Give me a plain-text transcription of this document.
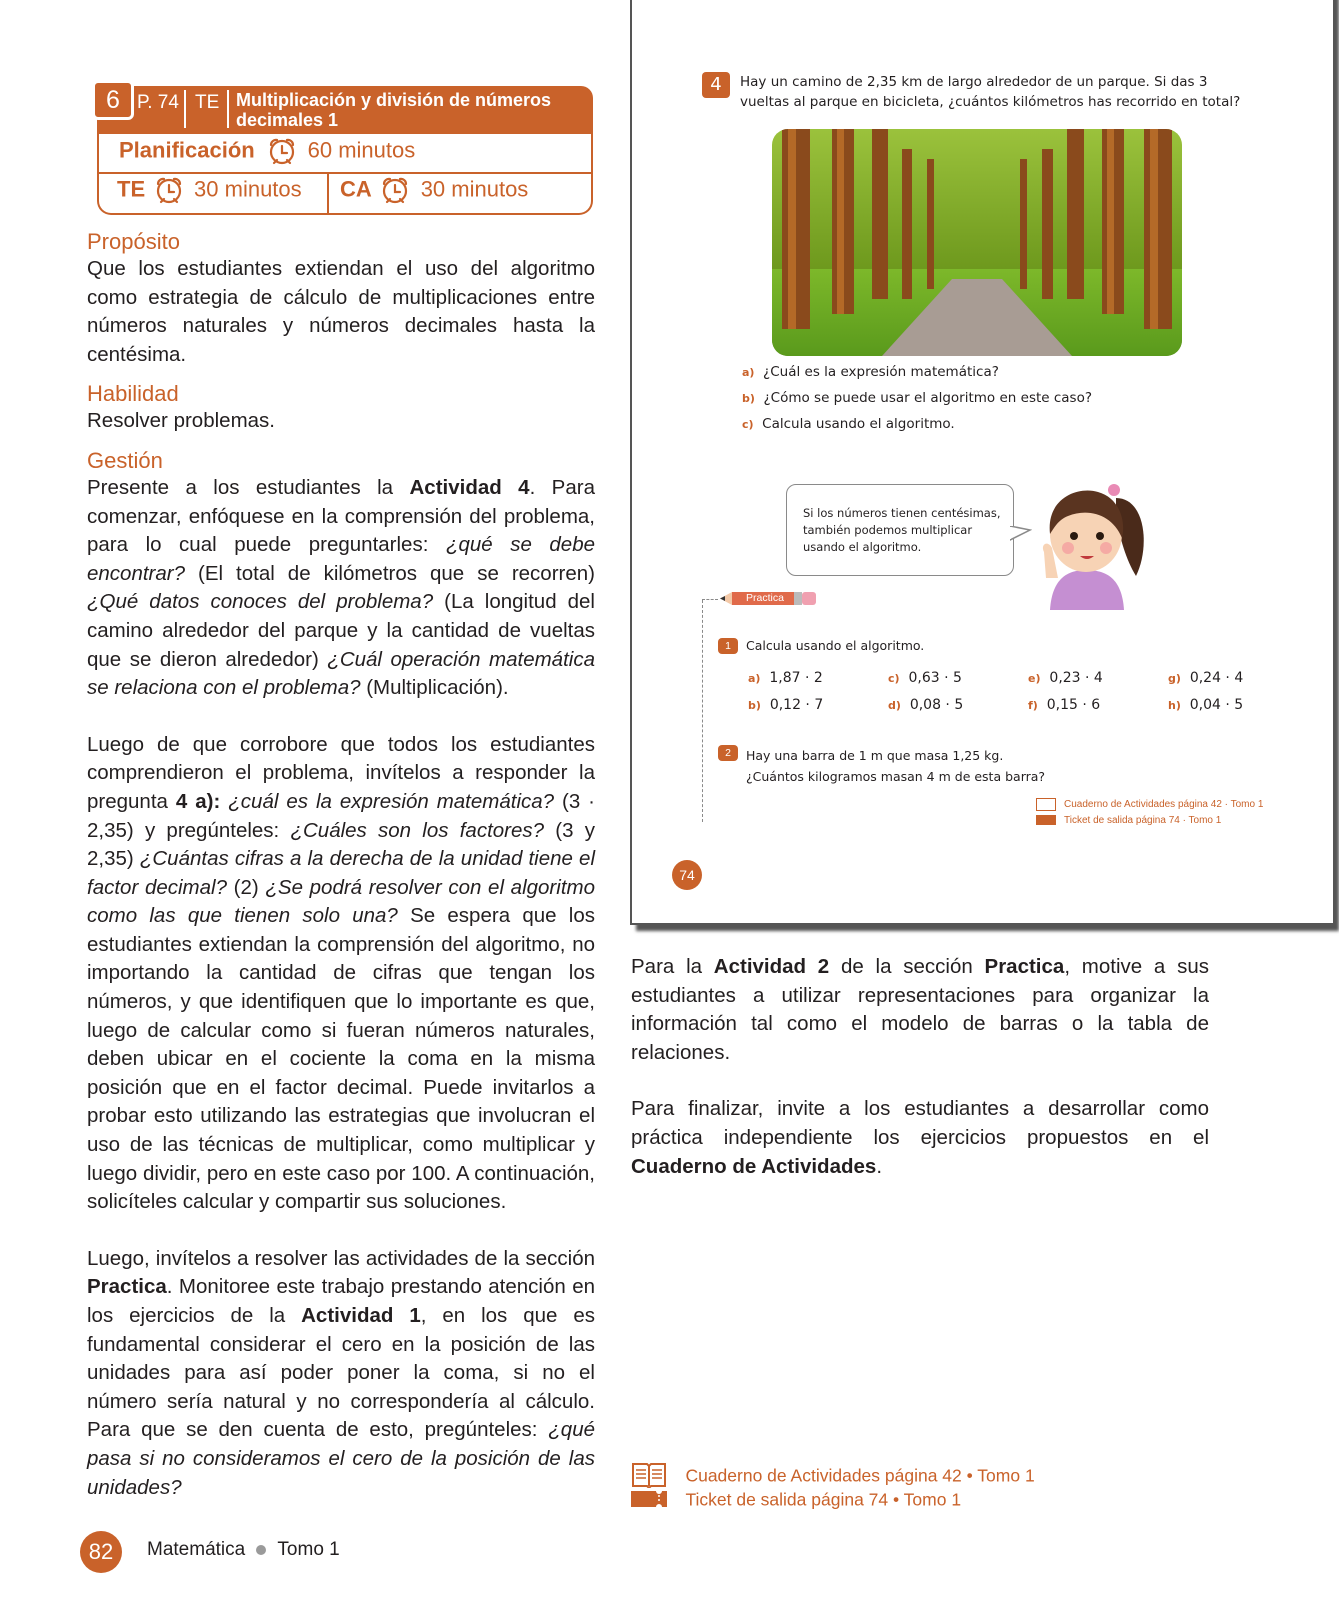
6 P. 74 TE Multiplicación y división de números decimales 1
Planificación 60 minutos
TE 30 minutos CA 30 minutos
Propósito
Que los estudiantes extiendan el uso del algoritmo como estrategia de cálculo de multiplicaciones entre números naturales y números decimales hasta la centésima.
Habilidad
Resolver problemas.
Gestión
Presente a los estudiantes la Actividad 4. Para comenzar, enfóquese en la comprensión del problema, para lo cual puede preguntarles: ¿qué se debe encontrar? (El total de kilómetros que se recorren) ¿Qué datos conoces del problema? (La longitud del camino alrededor del parque y la cantidad de vueltas que se dieron alrededor) ¿Cuál operación matemática se relaciona con el problema? (Multiplicación).
Luego de que corrobore que todos los estudiantes comprendieron el problema, invítelos a responder la pregunta 4 a): ¿cuál es la expresión matemática? (3 · 2,35) y pregúnteles: ¿Cuáles son los factores? (3 y 2,35) ¿Cuántas cifras a la derecha de la unidad tiene el factor decimal? (2) ¿Se podrá resolver con el algoritmo como las que tienen solo una? Se espera que los estudiantes extiendan la comprensión del algoritmo, no importando la cantidad de cifras que tengan los números, y que identifiquen que lo importante es que, luego de calcular como si fueran números naturales, deben ubicar en el cociente la coma en la misma posición que en el factor decimal. Puede invitarlos a probar esto utilizando las estrategias que involucran el uso de las técnicas de multiplicar, como multiplicar y luego dividir, pero en este caso por 100. A continuación, solicíteles calcular y compartir sus soluciones.
Luego, invítelos a resolver las actividades de la sección Practica. Monitoree este trabajo prestando atención en los ejercicios de la Actividad 1, en los que es fundamental considerar el cero en la posición de las unidades para así poder poner la coma, si no el número sería natural y no correspondería al cálculo. Para que se den cuenta de esto, pregúnteles: ¿qué pasa si no consideramos el cero de la posición de las unidades?
4	Hay un camino de 2,35 km de largo alrededor de un parque. Si das 3 vueltas al parque en bicicleta, ¿cuántos kilómetros has recorrido en total?
a) ¿Cuál es la expresión matemática?
b) ¿Cómo se puede usar el algoritmo en este caso?
c) Calcula usando el algoritmo.
Si los números tienen centésimas, también podemos multiplicar usando el algoritmo.
Practica
1	Calcula usando el algoritmo.
a) 1,87 · 2	c) 0,63 · 5	e) 0,23 · 4	g) 0,24 · 4
b) 0,12 · 7	d) 0,08 · 5	f) 0,15 · 6	h) 0,04 · 5
2	Hay una barra de 1 m que masa 1,25 kg.
¿Cuántos kilogramos masan 4 m de esta barra?
Cuaderno de Actividades página 42 · Tomo 1
Ticket de salida página 74 · Tomo 1
74
Para la Actividad 2 de la sección Practica, motive a sus estudiantes a utilizar representaciones para organizar la información tal como el modelo de barras o la tabla de relaciones.
Para finalizar, invite a los estudiantes a desarrollar como práctica independiente los ejercicios propuestos en el Cuaderno de Actividades.
Cuaderno de Actividades página 42 • Tomo 1
Ticket de salida página 74 • Tomo 1
82	Matemática Tomo 1
